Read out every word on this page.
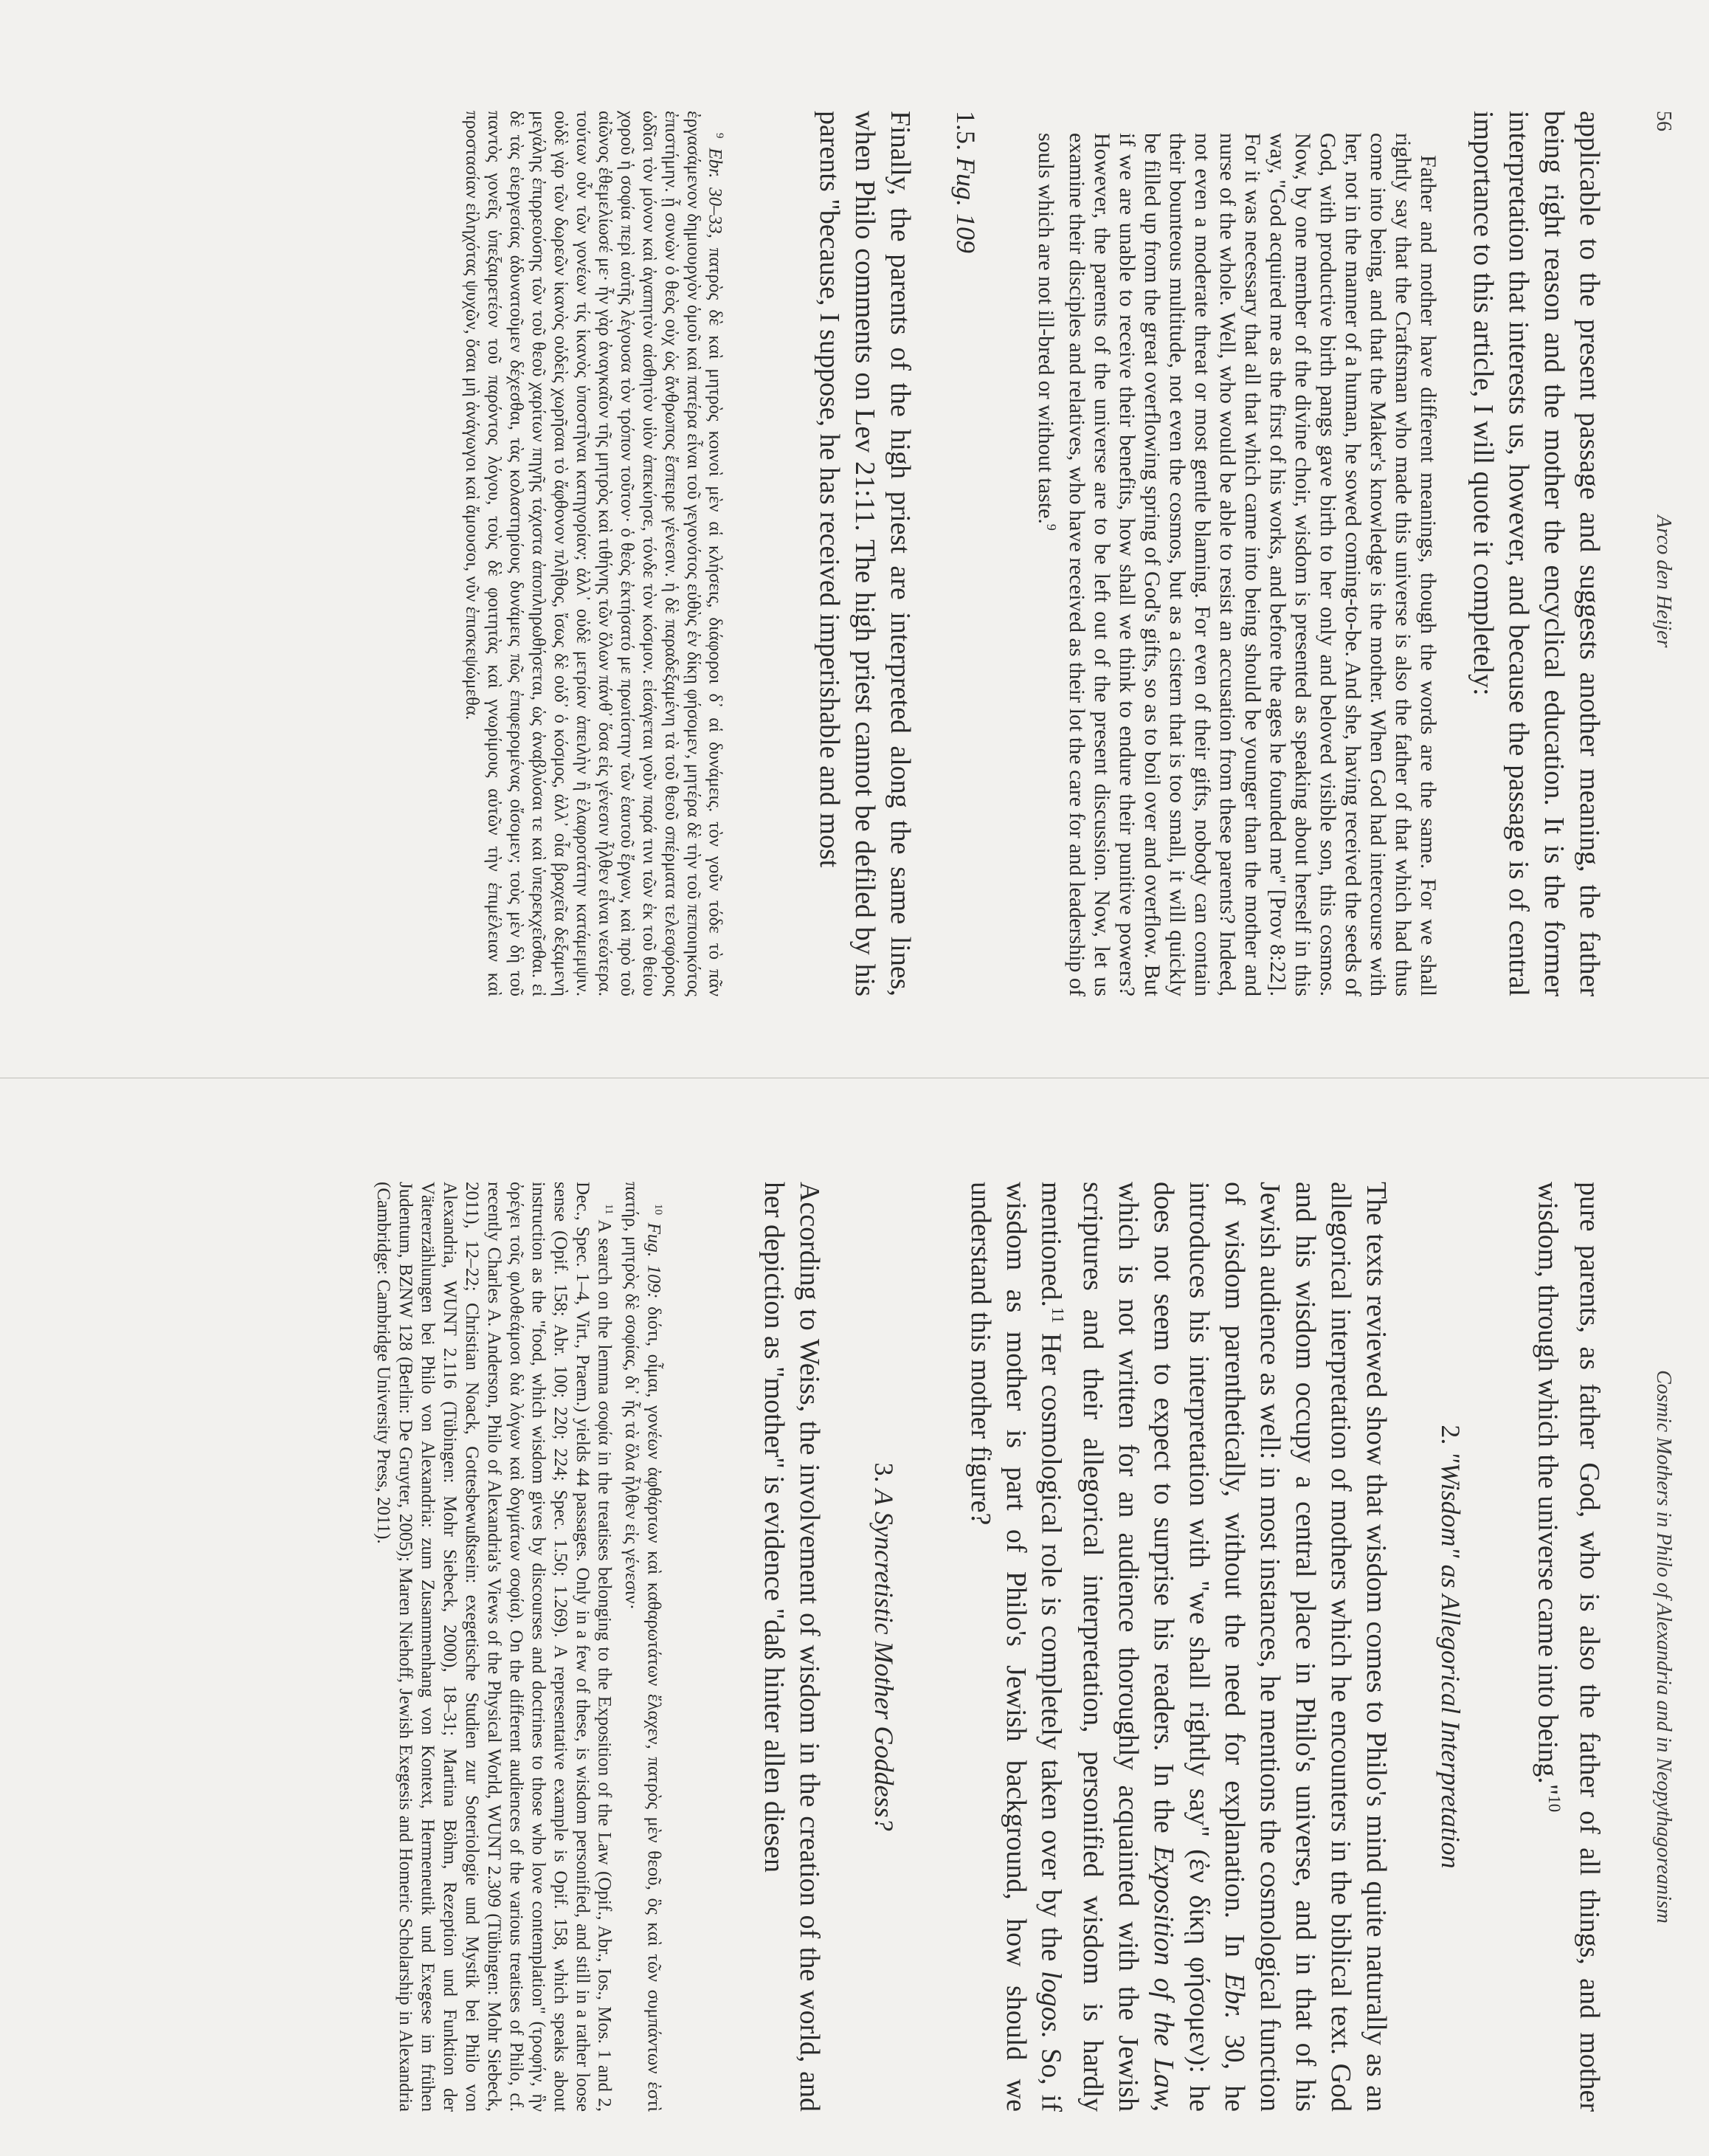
56
Arco den Heijer

applicable to the present passage and suggests another meaning, the father being right reason and the mother the encyclical education. It is the former interpretation that interests us, however, and because the passage is of central importance to this article, I will quote it completely:

Father and mother have different meanings, though the words are the same. For we shall rightly say that the Craftsman who made this universe is also the father of that which had thus come into being, and that the Maker's knowledge is the mother. When God had intercourse with her, not in the manner of a human, he sowed coming-to-be. And she, having received the seeds of God, with productive birth pangs gave birth to her only and beloved visible son, this cosmos. Now, by one member of the divine choir, wisdom is presented as speaking about herself in this way, "God acquired me as the first of his works, and before the ages he founded me" [Prov 8:22]. For it was necessary that all that which came into being should be younger than the mother and nurse of the whole. Well, who would be able to resist an accusation from these parents? Indeed, not even a moderate threat or most gentle blaming. For even of their gifts, nobody can contain their bounteous multitude, not even the cosmos, but as a cistern that is too small, it will quickly be filled up from the great overflowing spring of God's gifts, so as to boil over and overflow. But if we are unable to receive their benefits, how shall we think to endure their punitive powers? However, the parents of the universe are to be left out of the present discussion. Now, let us examine their disciples and relatives, who have received as their lot the care for and leadership of souls which are not ill-bred or without taste.$^9$

1.5. Fug. 109

Finally, the parents of the high priest are interpreted along the same lines, when Philo comments on Lev 21:11. The high priest cannot be defiled by his parents "because, I suppose, he has received imperishable and most

$^9$ Ebr. 30–33, πατρὸς δὲ καὶ μητρὸς κοινοὶ μὲν αἱ κλήσεις, διάφοροι δ᾽ αἱ δυνάμεις. τὸν γοῦν τόδε τὸ πᾶν ἐργασάμενον δημιουργὸν ὁμοῦ καὶ πατέρα εἶναι τοῦ γεγονότος εὐθὺς ἐν δίκῃ φήσομεν, μητέρα δὲ τὴν τοῦ πεποιηκότος ἐπιστήμην. ᾗ συνὼν ὁ θεὸς οὐχ ὡς ἄνθρωπος ἔσπειρε γένεσιν. ἡ δὲ παραδεξαμένη τὰ τοῦ θεοῦ σπέρματα τελεσφόροις ὠδῖσι τὸν μόνον καὶ ἀγαπητὸν αἰσθητὸν υἱὸν ἀπεκύησε, τόνδε τὸν κόσμον. εἰσάγεται γοῦν παρά τινι τῶν ἐκ τοῦ θείου χοροῦ ἡ σοφία περὶ αὐτῆς λέγουσα τὸν τρόπον τοῦτον· ὁ θεὸς ἐκτήσατό με πρωτίστην τῶν ἑαυτοῦ ἔργων, καὶ πρὸ τοῦ αἰῶνος ἐθεμελίωσέ με· ἦν γὰρ ἀναγκαῖον τῆς μητρὸς καὶ τιθήνης τῶν ὅλων πάνθ᾽ ὅσα εἰς γένεσιν ἦλθεν εἶναι νεώτερα. τούτων οὖν τῶν γονέων τίς ἱκανὸς ὑποστῆναι κατηγορίαν; ἀλλ᾽ οὐδὲ μετρίαν ἀπειλὴν ἢ ἐλαφροτάτην κατάμεμψιν. οὐδὲ γὰρ τῶν δωρεῶν ἱκανὸς οὐδεὶς χωρῆσαι τὸ ἄφθονον πλῆθος, ἴσως δὲ οὐδ᾽ ὁ κόσμος, ἀλλ᾽ οἷα βραχεῖα δεξαμενὴ μεγάλης ἐπιρρεούσης τῶν τοῦ θεοῦ χαρίτων πηγῆς τάχιστα ἀποπληρωθήσεται, ὡς ἀναβλύσαι τε καὶ ὑπερεκχεῖσθαι. εἰ δὲ τὰς εὐεργεσίας ἀδυνατοῦμεν δέχεσθαι, τὰς κολαστηρίους δυνάμεις πῶς ἐπιφερομένας οἴσομεν; τοὺς μὲν δὴ τοῦ παντὸς γονεῖς ὑπεξαιρετέον τοῦ παρόντος λόγου, τοὺς δὲ φοιτητὰς καὶ γνωρίμους αὐτῶν τὴν ἐπιμέλειαν καὶ προστασίαν εἰληχότας ψυχῶν, ὅσαι μὴ ἀνάγωγοι καὶ ἄμουσοι, νῦν ἐπισκεψώμεθα.

Cosmic Mothers in Philo of Alexandria and in Neopythagoreanism

pure parents, as father God, who is also the father of all things, and mother wisdom, through which the universe came into being."$^{10}$

2. "Wisdom" as Allegorical Interpretation

The texts reviewed show that wisdom comes to Philo's mind quite naturally as an allegorical interpretation of mothers which he encounters in the biblical text. God and his wisdom occupy a central place in Philo's universe, and in that of his Jewish audience as well: in most instances, he mentions the cosmological function of wisdom parenthetically, without the need for explanation. In Ebr. 30, he introduces his interpretation with "we shall rightly say" (ἐν δίκῃ φήσομεν): he does not seem to expect to surprise his readers. In the Exposition of the Law, which is not written for an audience thoroughly acquainted with the Jewish scriptures and their allegorical interpretation, personified wisdom is hardly mentioned.$^{11}$ Her cosmological role is completely taken over by the logos. So, if wisdom as mother is part of Philo's Jewish background, how should we understand this mother figure?

3. A Syncretistic Mother Goddess?

According to Weiss, the involvement of wisdom in the creation of the world, and her depiction as "mother" is evidence "daß hinter allen diesen

$^{10}$ Fug. 109: διότι, οἶμαι, γονέων ἀφθάρτων καὶ καθαρωτάτων ἔλαχεν, πατρὸς μὲν θεοῦ, ὃς καὶ τῶν συμπάντων ἐστὶ πατήρ, μητρὸς δὲ σοφίας, δι᾽ ἧς τὰ ὅλα ἦλθεν εἰς γένεσιν·

$^{11}$ A search on the lemma σοφία in the treatises belonging to the Exposition of the Law (Opif., Abr., Ios., Mos. 1 and 2, Dec., Spec. 1–4, Virt., Praem.) yields 44 passages. Only in a few of these, is wisdom personified, and still in a rather loose sense (Opif. 158; Abr. 100; 220; 224; Spec. 1.50; 1.269). A representative example is Opif. 158, which speaks about instruction as the "food, which wisdom gives by discourses and doctrines to those who love contemplation" (τροφήν, ἣν ὀρέγει τοῖς φιλοθεάμοσι διὰ λόγων καὶ δογμάτων σοφία). On the different audiences of the various treatises of Philo, cf. recently Charles A. Anderson, Philo of Alexandria's Views of the Physical World, WUNT 2.309 (Tübingen: Mohr Siebeck, 2011), 12–22; Christian Noack, Gottesbewußtsein: exegetische Studien zur Soteriologie und Mystik bei Philo von Alexandria, WUNT 2.116 (Tübingen: Mohr Siebeck, 2000), 18–31; Martina Böhm, Rezeption und Funktion der Vätererzählungen bei Philo von Alexandria: zum Zusammenhang von Kontext, Hermeneutik und Exegese im frühen Judentum, BZNW 128 (Berlin: De Gruyter, 2005); Maren Niehoff, Jewish Exegesis and Homeric Scholarship in Alexandria (Cambridge: Cambridge University Press, 2011).
